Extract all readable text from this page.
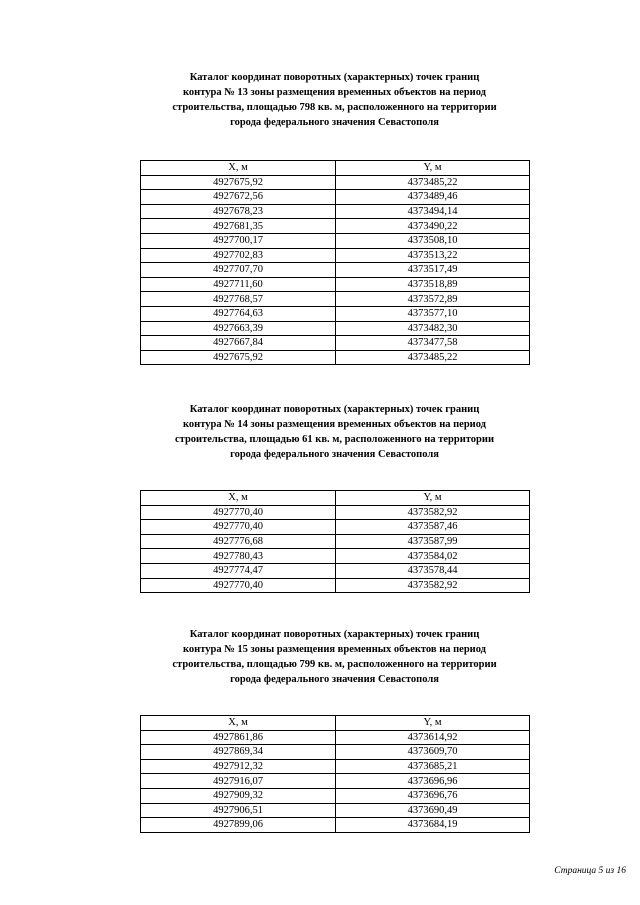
Каталог координат поворотных (характерных) точек границ
контура № 13 зоны размещения временных объектов на период
строительства, площадью 798 кв. м, расположенного на территории
города федерального значения Севастополя

X, м	Y, м
4927675,92	4373485,22
4927672,56	4373489,46
4927678,23	4373494,14
4927681,35	4373490,22
4927700,17	4373508,10
4927702,83	4373513,22
4927707,70	4373517,49
4927711,60	4373518,89
4927768,57	4373572,89
4927764,63	4373577,10
4927663,39	4373482,30
4927667,84	4373477,58
4927675,92	4373485,22

Каталог координат поворотных (характерных) точек границ
контура № 14 зоны размещения временных объектов на период
строительства, площадью 61 кв. м, расположенного на территории
города федерального значения Севастополя

X, м	Y, м
4927770,40	4373582,92
4927770,40	4373587,46
4927776,68	4373587,99
4927780,43	4373584,02
4927774,47	4373578,44
4927770,40	4373582,92

Каталог координат поворотных (характерных) точек границ
контура № 15 зоны размещения временных объектов на период
строительства, площадью 799 кв. м, расположенного на территории
города федерального значения Севастополя

X, м	Y, м
4927861,86	4373614,92
4927869,34	4373609,70
4927912,32	4373685,21
4927916,07	4373696,96
4927909,32	4373696,76
4927906,51	4373690,49
4927899,06	4373684,19
Страница 5 из 16
